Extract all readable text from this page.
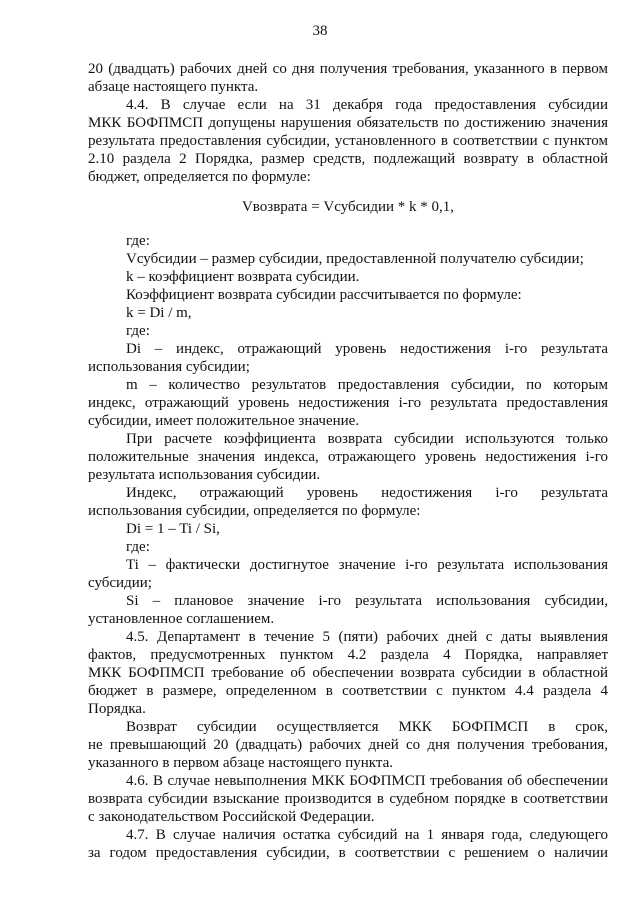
38
20 (двадцать) рабочих дней со дня получения требования, указанного в первом
абзаце настоящего пункта.
4.4. В случае если на 31 декабря года предоставления субсидии
МКК БОФПМСП допущены нарушения обязательств по достижению значения
результата предоставления субсидии, установленного в соответствии с пунктом
2.10 раздела 2 Порядка, размер средств, подлежащий возврату в областной
бюджет, определяется по формуле:
Vвозврата = Vсубсидии * k * 0,1,
где:
Vсубсидии – размер субсидии, предоставленной получателю субсидии;
k – коэффициент возврата субсидии.
Коэффициент возврата субсидии рассчитывается по формуле:
k = Di / m,
где:
Di – индекс, отражающий уровень недостижения i-го результата
использования субсидии;
m – количество результатов предоставления субсидии, по которым
индекс, отражающий уровень недостижения i-го результата предоставления
субсидии, имеет положительное значение.
При расчете коэффициента возврата субсидии используются только
положительные значения индекса, отражающего уровень недостижения i-го
результата использования субсидии.
Индекс, отражающий уровень недостижения i-го результата
использования субсидии, определяется по формуле:
Di = 1 – Ti / Si,
где:
Ti – фактически достигнутое значение i-го результата использования
субсидии;
Si – плановое значение i-го результата использования субсидии,
установленное соглашением.
4.5. Департамент в течение 5 (пяти) рабочих дней с даты выявления
фактов, предусмотренных пунктом 4.2 раздела 4 Порядка, направляет
МКК БОФПМСП требование об обеспечении возврата субсидии в областной
бюджет в размере, определенном в соответствии с пунктом 4.4 раздела 4
Порядка.
Возврат субсидии осуществляется МКК БОФПМСП в срок,
не превышающий 20 (двадцать) рабочих дней со дня получения требования,
указанного в первом абзаце настоящего пункта.
4.6. В случае невыполнения МКК БОФПМСП требования об обеспечении
возврата субсидии взыскание производится в судебном порядке в соответствии
с законодательством Российской Федерации.
4.7. В случае наличия остатка субсидий на 1 января года, следующего
за годом предоставления субсидии, в соответствии с решением о наличии
